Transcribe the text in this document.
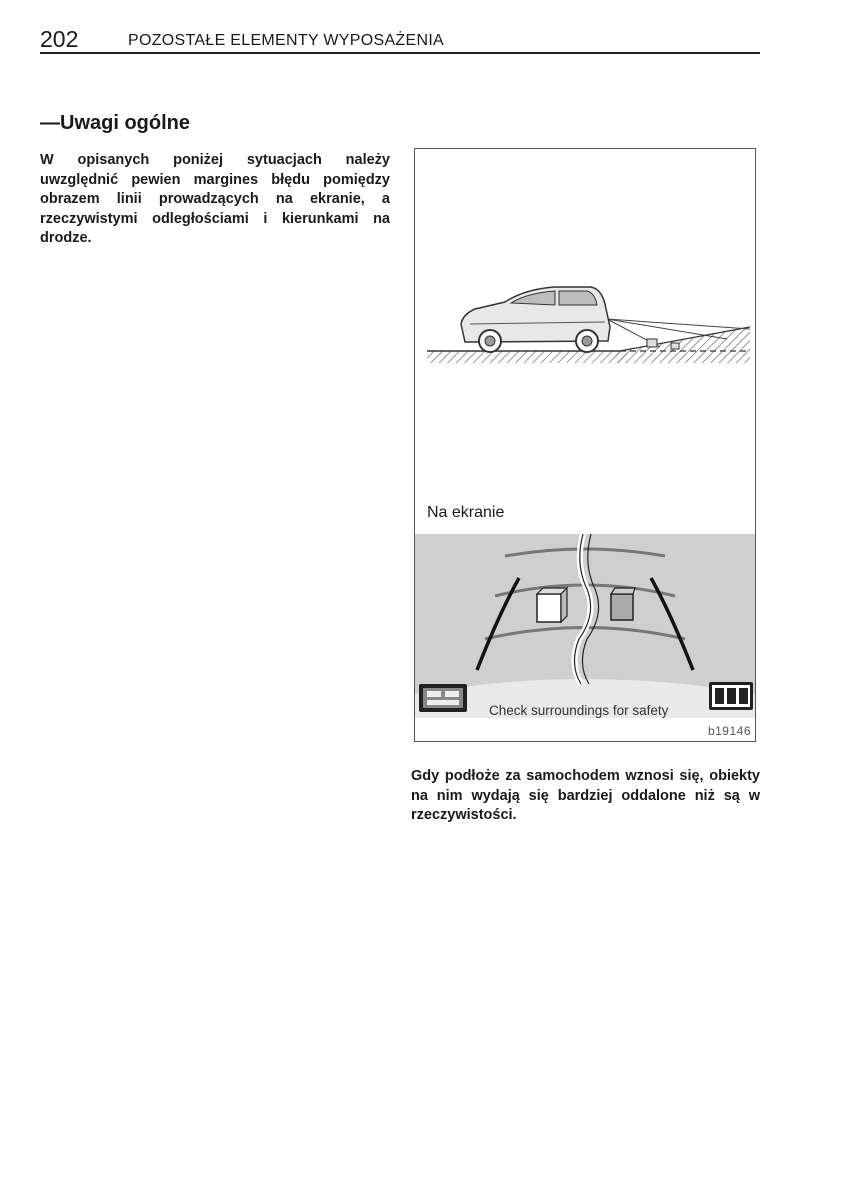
202	POZOSTAŁE ELEMENTY WYPOSAŻENIA
—Uwagi ogólne
W opisanych poniżej sytuacjach należy uwzględnić pewien margines błędu pomiędzy obrazem linii prowadzących na ekranie, a rzeczywistymi odległościami i kierunkami na drodze.
Na ekranie
Check surroundings for safety
b19146
Gdy podłoże za samochodem wznosi się, obiekty na nim wydają się bardziej oddalone niż są w rzeczywistości.
